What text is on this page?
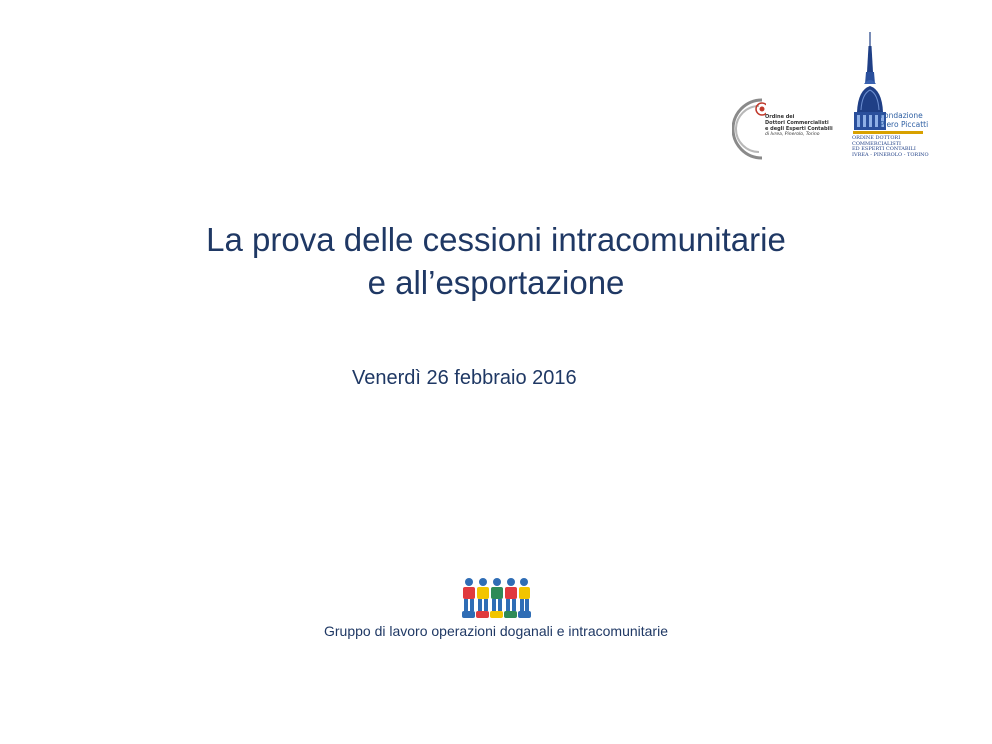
Ordine dei
Dottori Commercialisti
e degli Esperti Contabili
di Ivrea, Pinerolo, Torino
Fondazione
Piero Piccatti
ORDINE DOTTORI
COMMERCIALISTI
ED ESPERTI CONTABILI
IVREA - PINEROLO - TORINO
La prova delle cessioni intracomunitarie
e all’esportazione
Venerdì 26 febbraio 2016
Gruppo di lavoro operazioni doganali e intracomunitarie
